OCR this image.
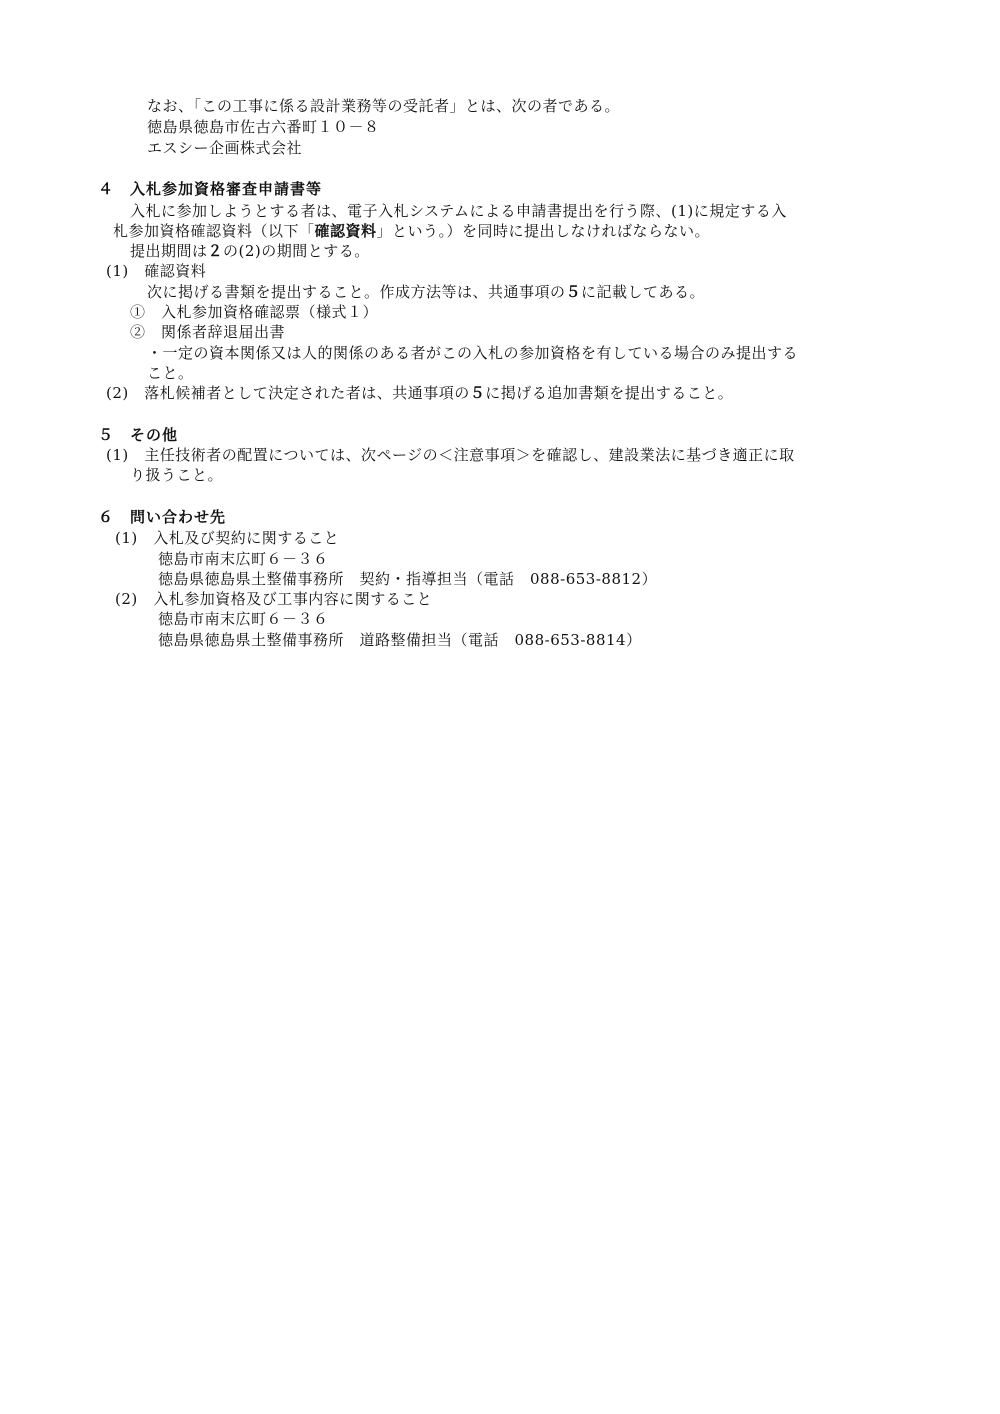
なお、「この工事に係る設計業務等の受託者」とは、次の者である。
徳島県徳島市佐古六番町１０－８
エスシー企画株式会社
４　入札参加資格審査申請書等
入札に参加しようとする者は、電子入札システムによる申請書提出を行う際、(1)に規定する入
札参加資格確認資料（以下「確認資料」という。）を同時に提出しなければならない。
提出期間は２の(2)の期間とする。
(1)　確認資料
次に掲げる書類を提出すること。作成方法等は、共通事項の５に記載してある。
①　入札参加資格確認票（様式１）
②　関係者辞退届出書
・一定の資本関係又は人的関係のある者がこの入札の参加資格を有している場合のみ提出する
こと。
(2)　落札候補者として決定された者は、共通事項の５に掲げる追加書類を提出すること。
５　その他
(1)　主任技術者の配置については、次ページの＜注意事項＞を確認し、建設業法に基づき適正に取
り扱うこと。
６　問い合わせ先
(1)　入札及び契約に関すること
徳島市南末広町６－３６
徳島県徳島県土整備事務所　契約・指導担当（電話　088-653-8812）
(2)　入札参加資格及び工事内容に関すること
徳島市南末広町６－３６
徳島県徳島県土整備事務所　道路整備担当（電話　088-653-8814）
